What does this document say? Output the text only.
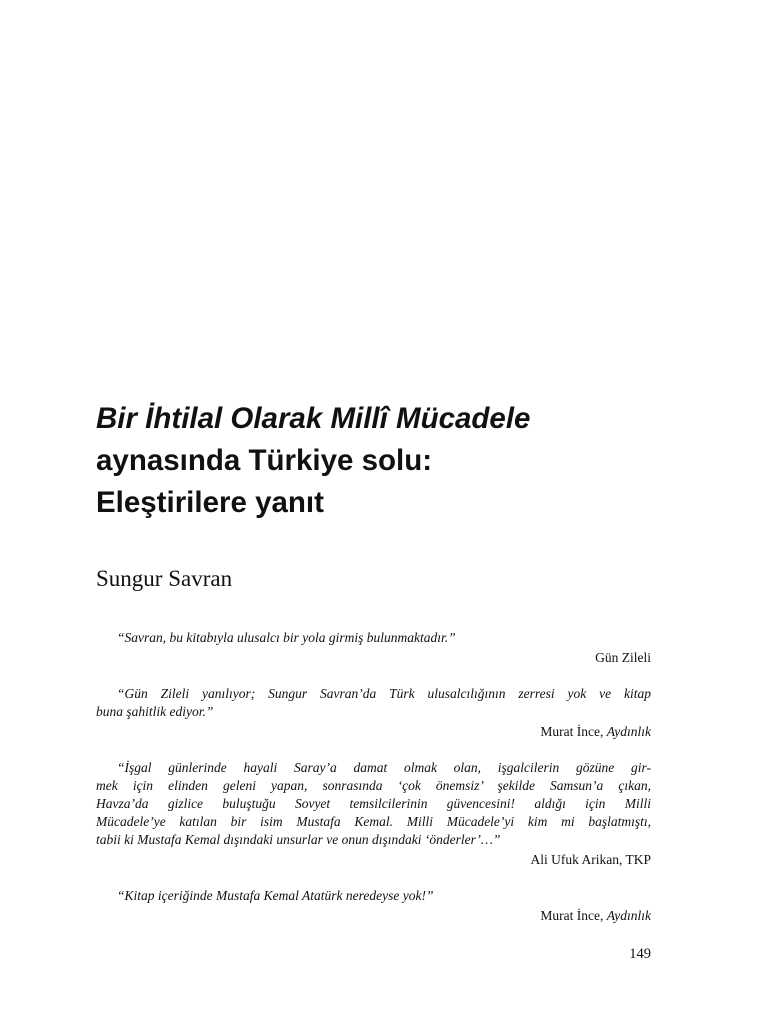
Bir İhtilal Olarak Millî Mücadele
aynasında Türkiye solu:
Eleştirilere yanıt

Sungur Savran

“Savran, bu kitabıyla ulusalcı bir yola girmiş bulunmaktadır.”

Gün Zileli

“Gün Zileli yanılıyor; Sungur Savran’da Türk ulusalcılığının zerresi yok ve kitap
buna şahitlik ediyor.”

Murat İnce, Aydınlık

“İşgal günlerinde hayali Saray’a damat olmak olan, işgalcilerin gözüne gir-
mek için elinden geleni yapan, sonrasında ‘çok önemsiz’ şekilde Samsun’a çıkan,
Havza’da gizlice buluştuğu Sovyet temsilcilerinin güvencesini! aldığı için Milli
Mücadele’ye katılan bir isim Mustafa Kemal. Milli Mücadele’yi kim mi başlatmıştı,
tabii ki Mustafa Kemal dışındaki unsurlar ve onun dışındaki ‘önderler’…”

Ali Ufuk Arikan, TKP

“Kitap içeriğinde Mustafa Kemal Atatürk neredeyse yok!”

Murat İnce, Aydınlık

149
